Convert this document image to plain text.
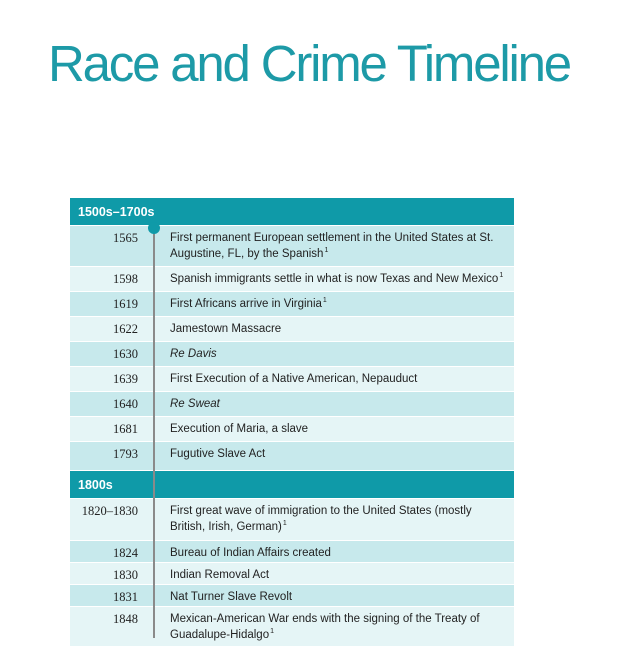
Race and Crime Timeline
1500s–1700s
1565	First permanent European settlement in the United States at St. Augustine, FL, by the Spanish$^1$
1598	Spanish immigrants settle in what is now Texas and New Mexico$^1$
1619	First Africans arrive in Virginia$^1$
1622	Jamestown Massacre
1630	Re Davis
1639	First Execution of a Native American, Nepauduct
1640	Re Sweat
1681	Execution of Maria, a slave
1793	Fugutive Slave Act
1800s
1820–1830	First great wave of immigration to the United States (mostly British, Irish, German)$^1$
1824	Bureau of Indian Affairs created
1830	Indian Removal Act
1831	Nat Turner Slave Revolt
1848	Mexican-American War ends with the signing of the Treaty of Guadalupe-Hidalgo$^1$
